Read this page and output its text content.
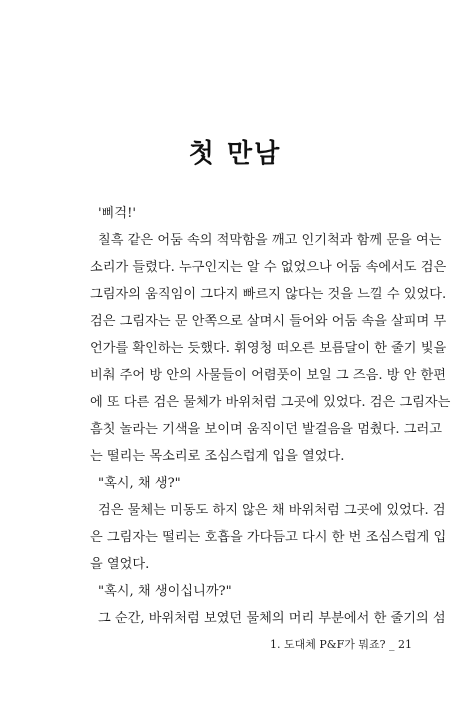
첫 만남
'삐걱!'
칠흑 같은 어둠 속의 적막함을 깨고 인기척과 함께 문을 여는
소리가 들렸다. 누구인지는 알 수 없었으나 어둠 속에서도 검은
그림자의 움직임이 그다지 빠르지 않다는 것을 느낄 수 있었다.
검은 그림자는 문 안쪽으로 살며시 들어와 어둠 속을 살피며 무
언가를 확인하는 듯했다. 휘영청 떠오른 보름달이 한 줄기 빛을
비춰 주어 방 안의 사물들이 어렴풋이 보일 그 즈음. 방 안 한편
에 또 다른 검은 물체가 바위처럼 그곳에 있었다. 검은 그림자는
흠칫 놀라는 기색을 보이며 움직이던 발걸음을 멈췄다. 그러고
는 떨리는 목소리로 조심스럽게 입을 열었다.
"혹시, 채 생?"
검은 물체는 미동도 하지 않은 채 바위처럼 그곳에 있었다. 검
은 그림자는 떨리는 호흡을 가다듬고 다시 한 번 조심스럽게 입
을 열었다.
"혹시, 채 생이십니까?"
그 순간, 바위처럼 보였던 물체의 머리 부분에서 한 줄기의 섬
1. 도대체 P&F가 뭐죠? _ 21
